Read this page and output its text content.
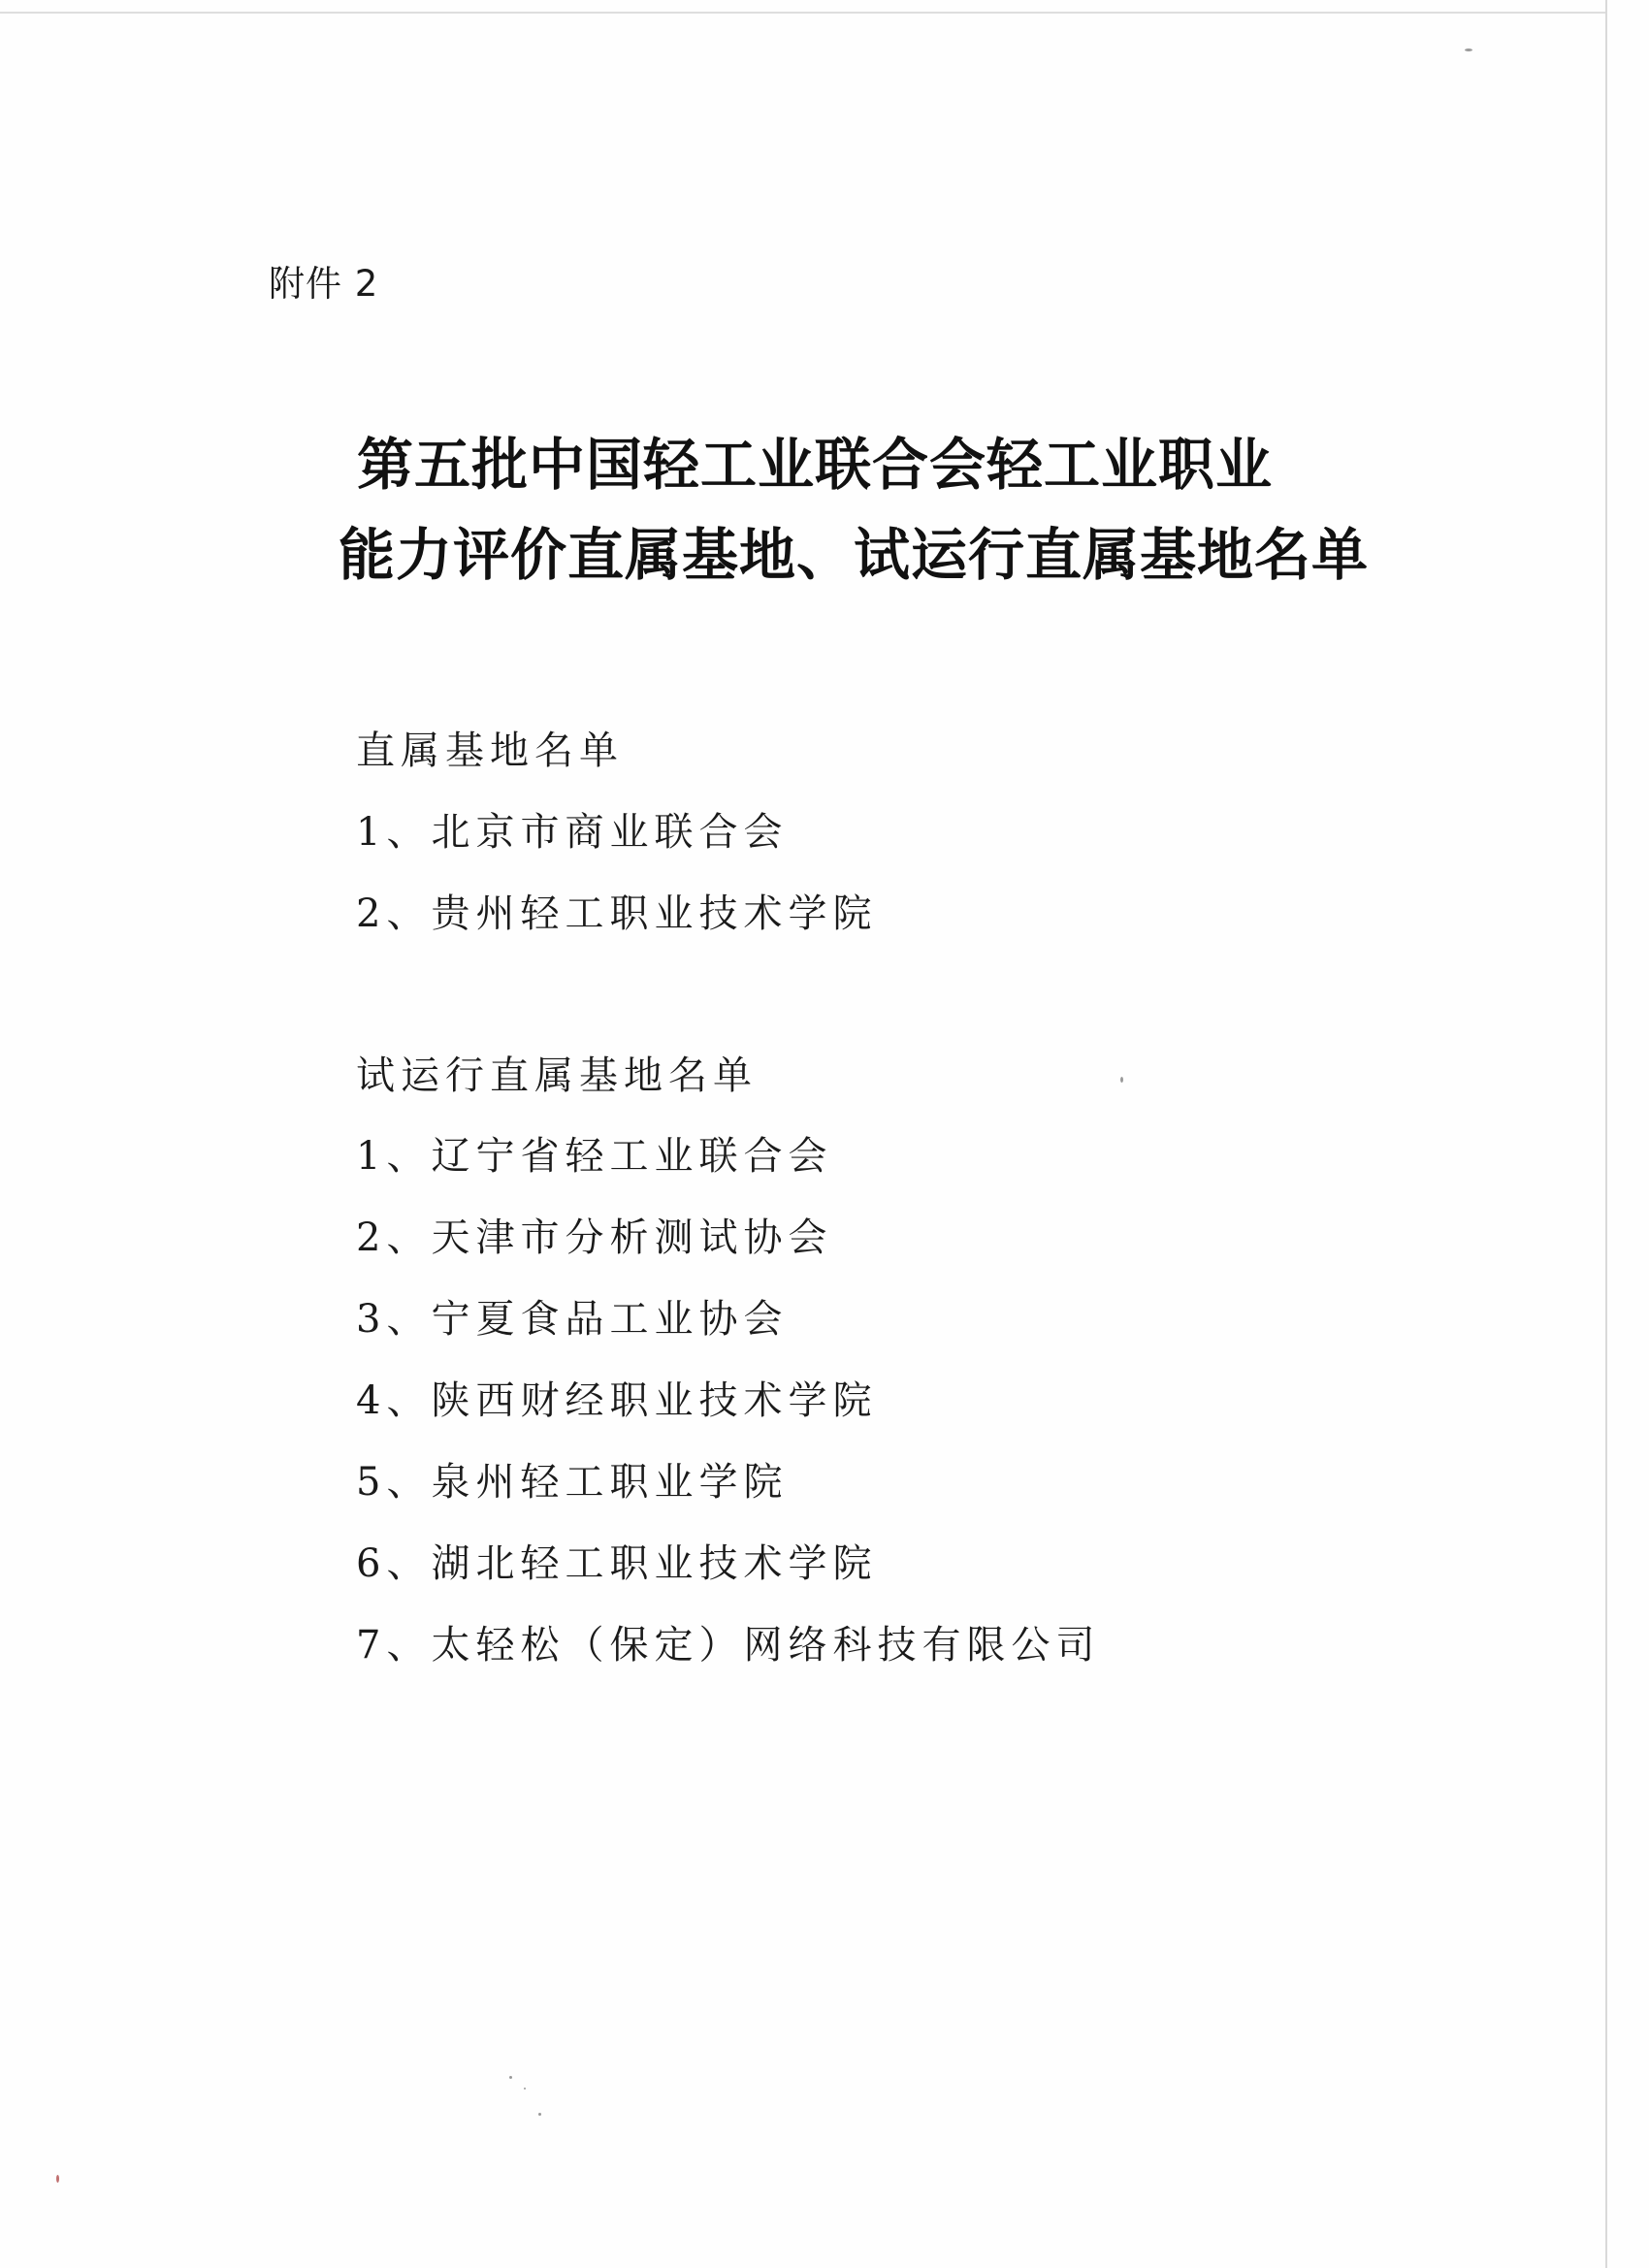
附件 2
第五批中国轻工业联合会轻工业职业
能力评价直属基地、试运行直属基地名单
直属基地名单
1、北京市商业联合会
2、贵州轻工职业技术学院
试运行直属基地名单
1、辽宁省轻工业联合会
2、天津市分析测试协会
3、宁夏食品工业协会
4、陕西财经职业技术学院
5、泉州轻工职业学院
6、湖北轻工职业技术学院
7、太轻松（保定）网络科技有限公司
